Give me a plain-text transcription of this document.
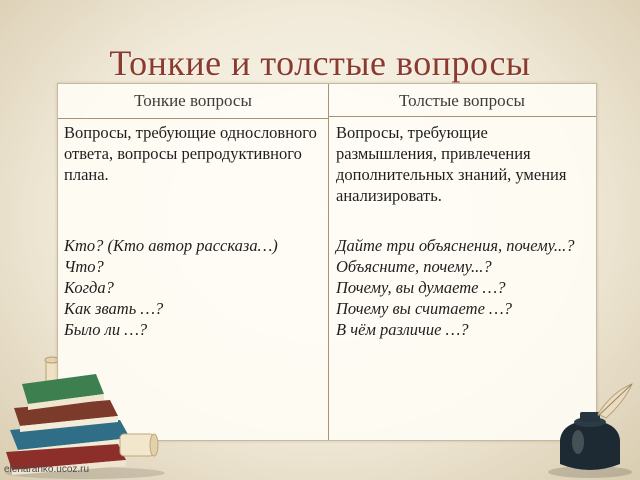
Тонкие и толстые вопросы
Тонкие вопросы	Толстые вопросы

Вопросы, требующие однословного ответа, вопросы репродуктивного плана.

Кто? (Кто автор рассказа…)
Что?
Когда?
Как звать …?
Было ли …?

Вопросы, требующие размышления, привлечения дополнительных знаний, умения анализировать.

Дайте три объяснения, почему...?
Объясните, почему...?
Почему, вы думаете …?
Почему вы считаете …?
В чём различие …?

elenaranko.ucoz.ru
